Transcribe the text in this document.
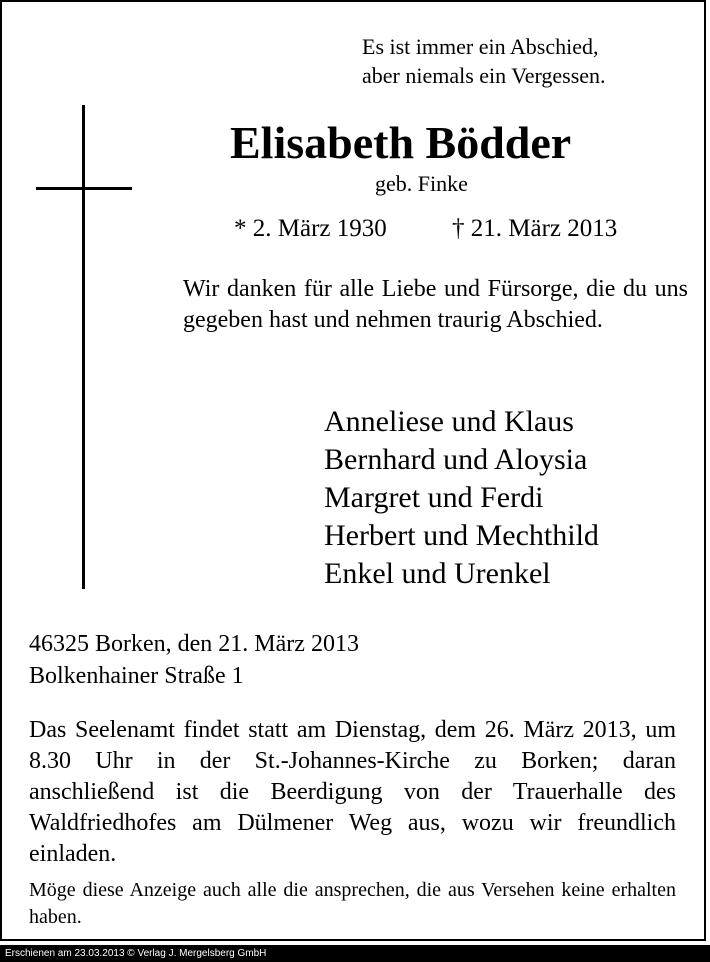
Es ist immer ein Abschied,
aber niemals ein Vergessen.
Elisabeth Bödder
geb. Finke
* 2. März 1930	† 21. März 2013
Wir danken für alle Liebe und Fürsorge, die du uns gegeben hast und nehmen traurig Abschied.
Anneliese und Klaus
Bernhard und Aloysia
Margret und Ferdi
Herbert und Mechthild
Enkel und Urenkel
46325 Borken, den 21. März 2013
Bolkenhainer Straße 1
Das Seelenamt findet statt am Dienstag, dem 26. März 2013, um 8.30 Uhr in der St.-Johannes-Kirche zu Borken; daran anschließend ist die Beerdigung von der Trauerhalle des Waldfriedhofes am Dülmener Weg aus, wozu wir freundlich einladen.
Möge diese Anzeige auch alle die ansprechen, die aus Versehen keine erhalten haben.
Erschienen am 23.03.2013 © Verlag J. Mergelsberg GmbH
